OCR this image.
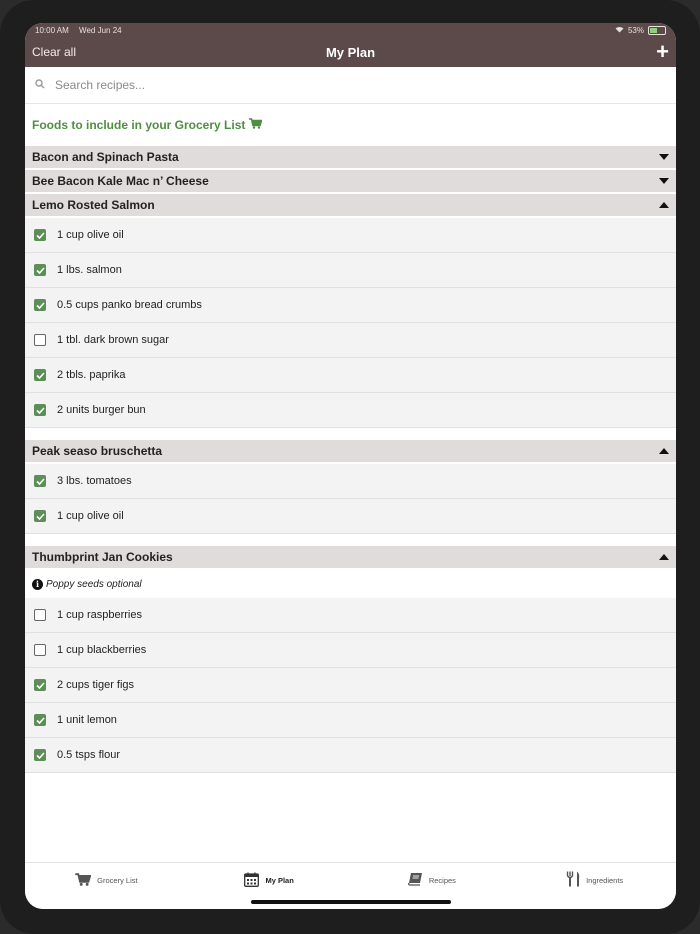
10:00 AM Wed Jun 24	53%
Clear all	My Plan	+
Search recipes...
Foods to include in your Grocery List
Bacon and Spinach Pasta
Bee Bacon Kale Mac n’ Cheese
Lemo Rosted Salmon
1 cup olive oil
1 lbs. salmon
0.5 cups panko bread crumbs
1 tbl. dark brown sugar
2 tbls. paprika
2 units burger bun
Peak seaso bruschetta
3 lbs. tomatoes
1 cup olive oil
Thumbprint Jan Cookies
i Poppy seeds optional
1 cup raspberries
1 cup blackberries
2 cups tiger figs
1 unit lemon
0.5 tsps flour
Grocery List	My Plan	Recipes	Ingredients
